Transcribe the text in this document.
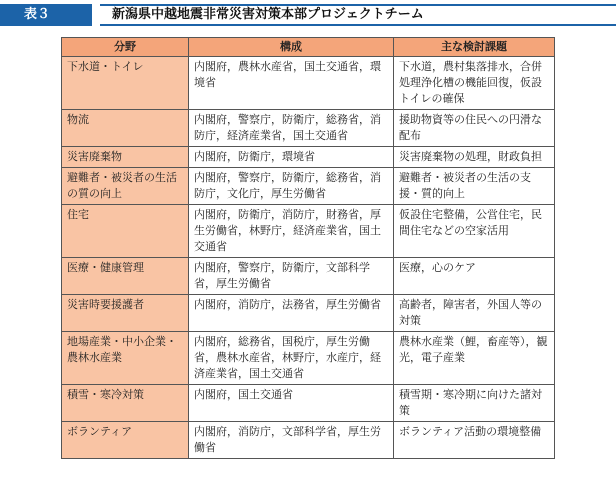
表３	新潟県中越地震非常災害対策本部プロジェクトチーム
分野	構成	主な検討課題
下水道・トイレ	内閣府，農林水産省，国土交通省，環境省	下水道，農村集落排水，合併処理浄化槽の機能回復，仮設トイレの確保
物流	内閣府，警察庁，防衛庁，総務省，消防庁，経済産業省，国土交通省	援助物資等の住民への円滑な配布
災害廃棄物	内閣府，防衛庁，環境省	災害廃棄物の処理，財政負担
避難者・被災者の生活の質の向上	内閣府，警察庁，防衛庁，総務省，消防庁，文化庁，厚生労働省	避難者・被災者の生活の支援・質的向上
住宅	内閣府，防衛庁，消防庁，財務省，厚生労働省，林野庁，経済産業省，国土交通省	仮設住宅整備，公営住宅，民間住宅などの空家活用
医療・健康管理	内閣府，警察庁，防衛庁，文部科学省，厚生労働省	医療，心のケア
災害時要援護者	内閣府，消防庁，法務省，厚生労働省	高齢者，障害者，外国人等の対策
地場産業・中小企業・農林水産業	内閣府，総務省，国税庁，厚生労働省，農林水産省，林野庁，水産庁，経済産業省，国土交通省	農林水産業（鯉，畜産等），観光，電子産業
積雪・寒冷対策	内閣府，国土交通省	積雪期・寒冷期に向けた諸対策
ボランティア	内閣府，消防庁，文部科学省，厚生労働省	ボランティア活動の環境整備
